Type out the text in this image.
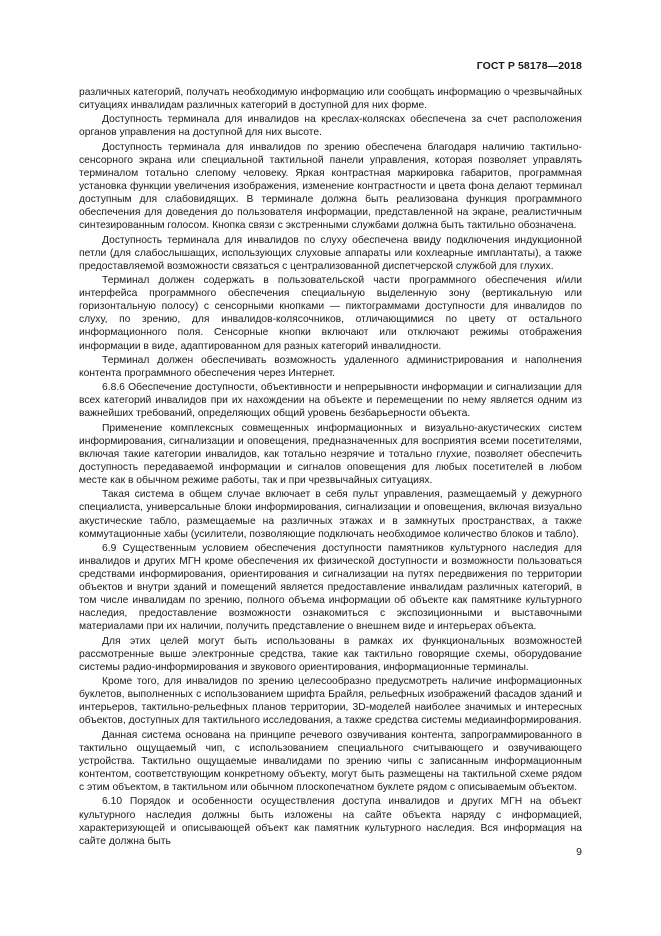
ГОСТ Р 58178—2018

различных категорий, получать необходимую информацию или сообщать информацию о чрезвычайных ситуациях инвалидам различных категорий в доступной для них форме.

Доступность терминала для инвалидов на креслах-колясках обеспечена за счет расположения органов управления на доступной для них высоте.

Доступность терминала для инвалидов по зрению обеспечена благодаря наличию тактильно-сенсорного экрана или специальной тактильной панели управления, которая позволяет управлять терминалом тотально слепому человеку. Яркая контрастная маркировка габаритов, программная установка функции увеличения изображения, изменение контрастности и цвета фона делают терминал доступным для слабовидящих. В терминале должна быть реализована функция программного обеспечения для доведения до пользователя информации, представленной на экране, реалистичным синтезированным голосом. Кнопка связи с экстренными службами должна быть тактильно обозначена.

Доступность терминала для инвалидов по слуху обеспечена ввиду подключения индукционной петли (для слабослышащих, использующих слуховые аппараты или кохлеарные имплантаты), а также предоставляемой возможности связаться с централизованной диспетчерской службой для глухих.

Терминал должен содержать в пользовательской части программного обеспечения и/или интерфейса программного обеспечения специальную выделенную зону (вертикальную или горизонтальную полосу) с сенсорными кнопками — пиктограммами доступности для инвалидов по слуху, по зрению, для инвалидов-колясочников, отличающимися по цвету от остального информационного поля. Сенсорные кнопки включают или отключают режимы отображения информации в виде, адаптированном для разных категорий инвалидности.

Терминал должен обеспечивать возможность удаленного администрирования и наполнения контента программного обеспечения через Интернет.

6.8.6 Обеспечение доступности, объективности и непрерывности информации и сигнализации для всех категорий инвалидов при их нахождении на объекте и перемещении по нему является одним из важнейших требований, определяющих общий уровень безбарьерности объекта.

Применение комплексных совмещенных информационных и визуально-акустических систем информирования, сигнализации и оповещения, предназначенных для восприятия всеми посетителями, включая такие категории инвалидов, как тотально незрячие и тотально глухие, позволяет обеспечить доступность передаваемой информации и сигналов оповещения для любых посетителей в любом месте как в обычном режиме работы, так и при чрезвычайных ситуациях.

Такая система в общем случае включает в себя пульт управления, размещаемый у дежурного специалиста, универсальные блоки информирования, сигнализации и оповещения, включая визуально акустические табло, размещаемые на различных этажах и в замкнутых пространствах, а также коммутационные хабы (усилители, позволяющие подключать необходимое количество блоков и табло).

6.9 Существенным условием обеспечения доступности памятников культурного наследия для инвалидов и других МГН кроме обеспечения их физической доступности и возможности пользоваться средствами информирования, ориентирования и сигнализации на путях передвижения по территории объектов и внутри зданий и помещений является предоставление инвалидам различных категорий, в том числе инвалидам по зрению, полного объема информации об объекте как памятнике культурного наследия, предоставление возможности ознакомиться с экспозиционными и выставочными материалами при их наличии, получить представление о внешнем виде и интерьерах объекта.

Для этих целей могут быть использованы в рамках их функциональных возможностей рассмотренные выше электронные средства, такие как тактильно говорящие схемы, оборудование системы радио-информирования и звукового ориентирования, информационные терминалы.

Кроме того, для инвалидов по зрению целесообразно предусмотреть наличие информационных буклетов, выполненных с использованием шрифта Брайля, рельефных изображений фасадов зданий и интерьеров, тактильно-рельефных планов территории, 3D-моделей наиболее значимых и интересных объектов, доступных для тактильного исследования, а также средства системы медиаинформирования.

Данная система основана на принципе речевого озвучивания контента, запрограммированного в тактильно ощущаемый чип, с использованием специального считывающего и озвучивающего устройства. Тактильно ощущаемые инвалидами по зрению чипы с записанным информационным контентом, соответствующим конкретному объекту, могут быть размещены на тактильной схеме рядом с этим объектом, в тактильном или обычном плоскопечатном буклете рядом с описываемым объектом.

6.10 Порядок и особенности осуществления доступа инвалидов и других МГН на объект культурного наследия должны быть изложены на сайте объекта наряду с информацией, характеризующей и описывающей объект как памятник культурного наследия. Вся информация на сайте должна быть

9
